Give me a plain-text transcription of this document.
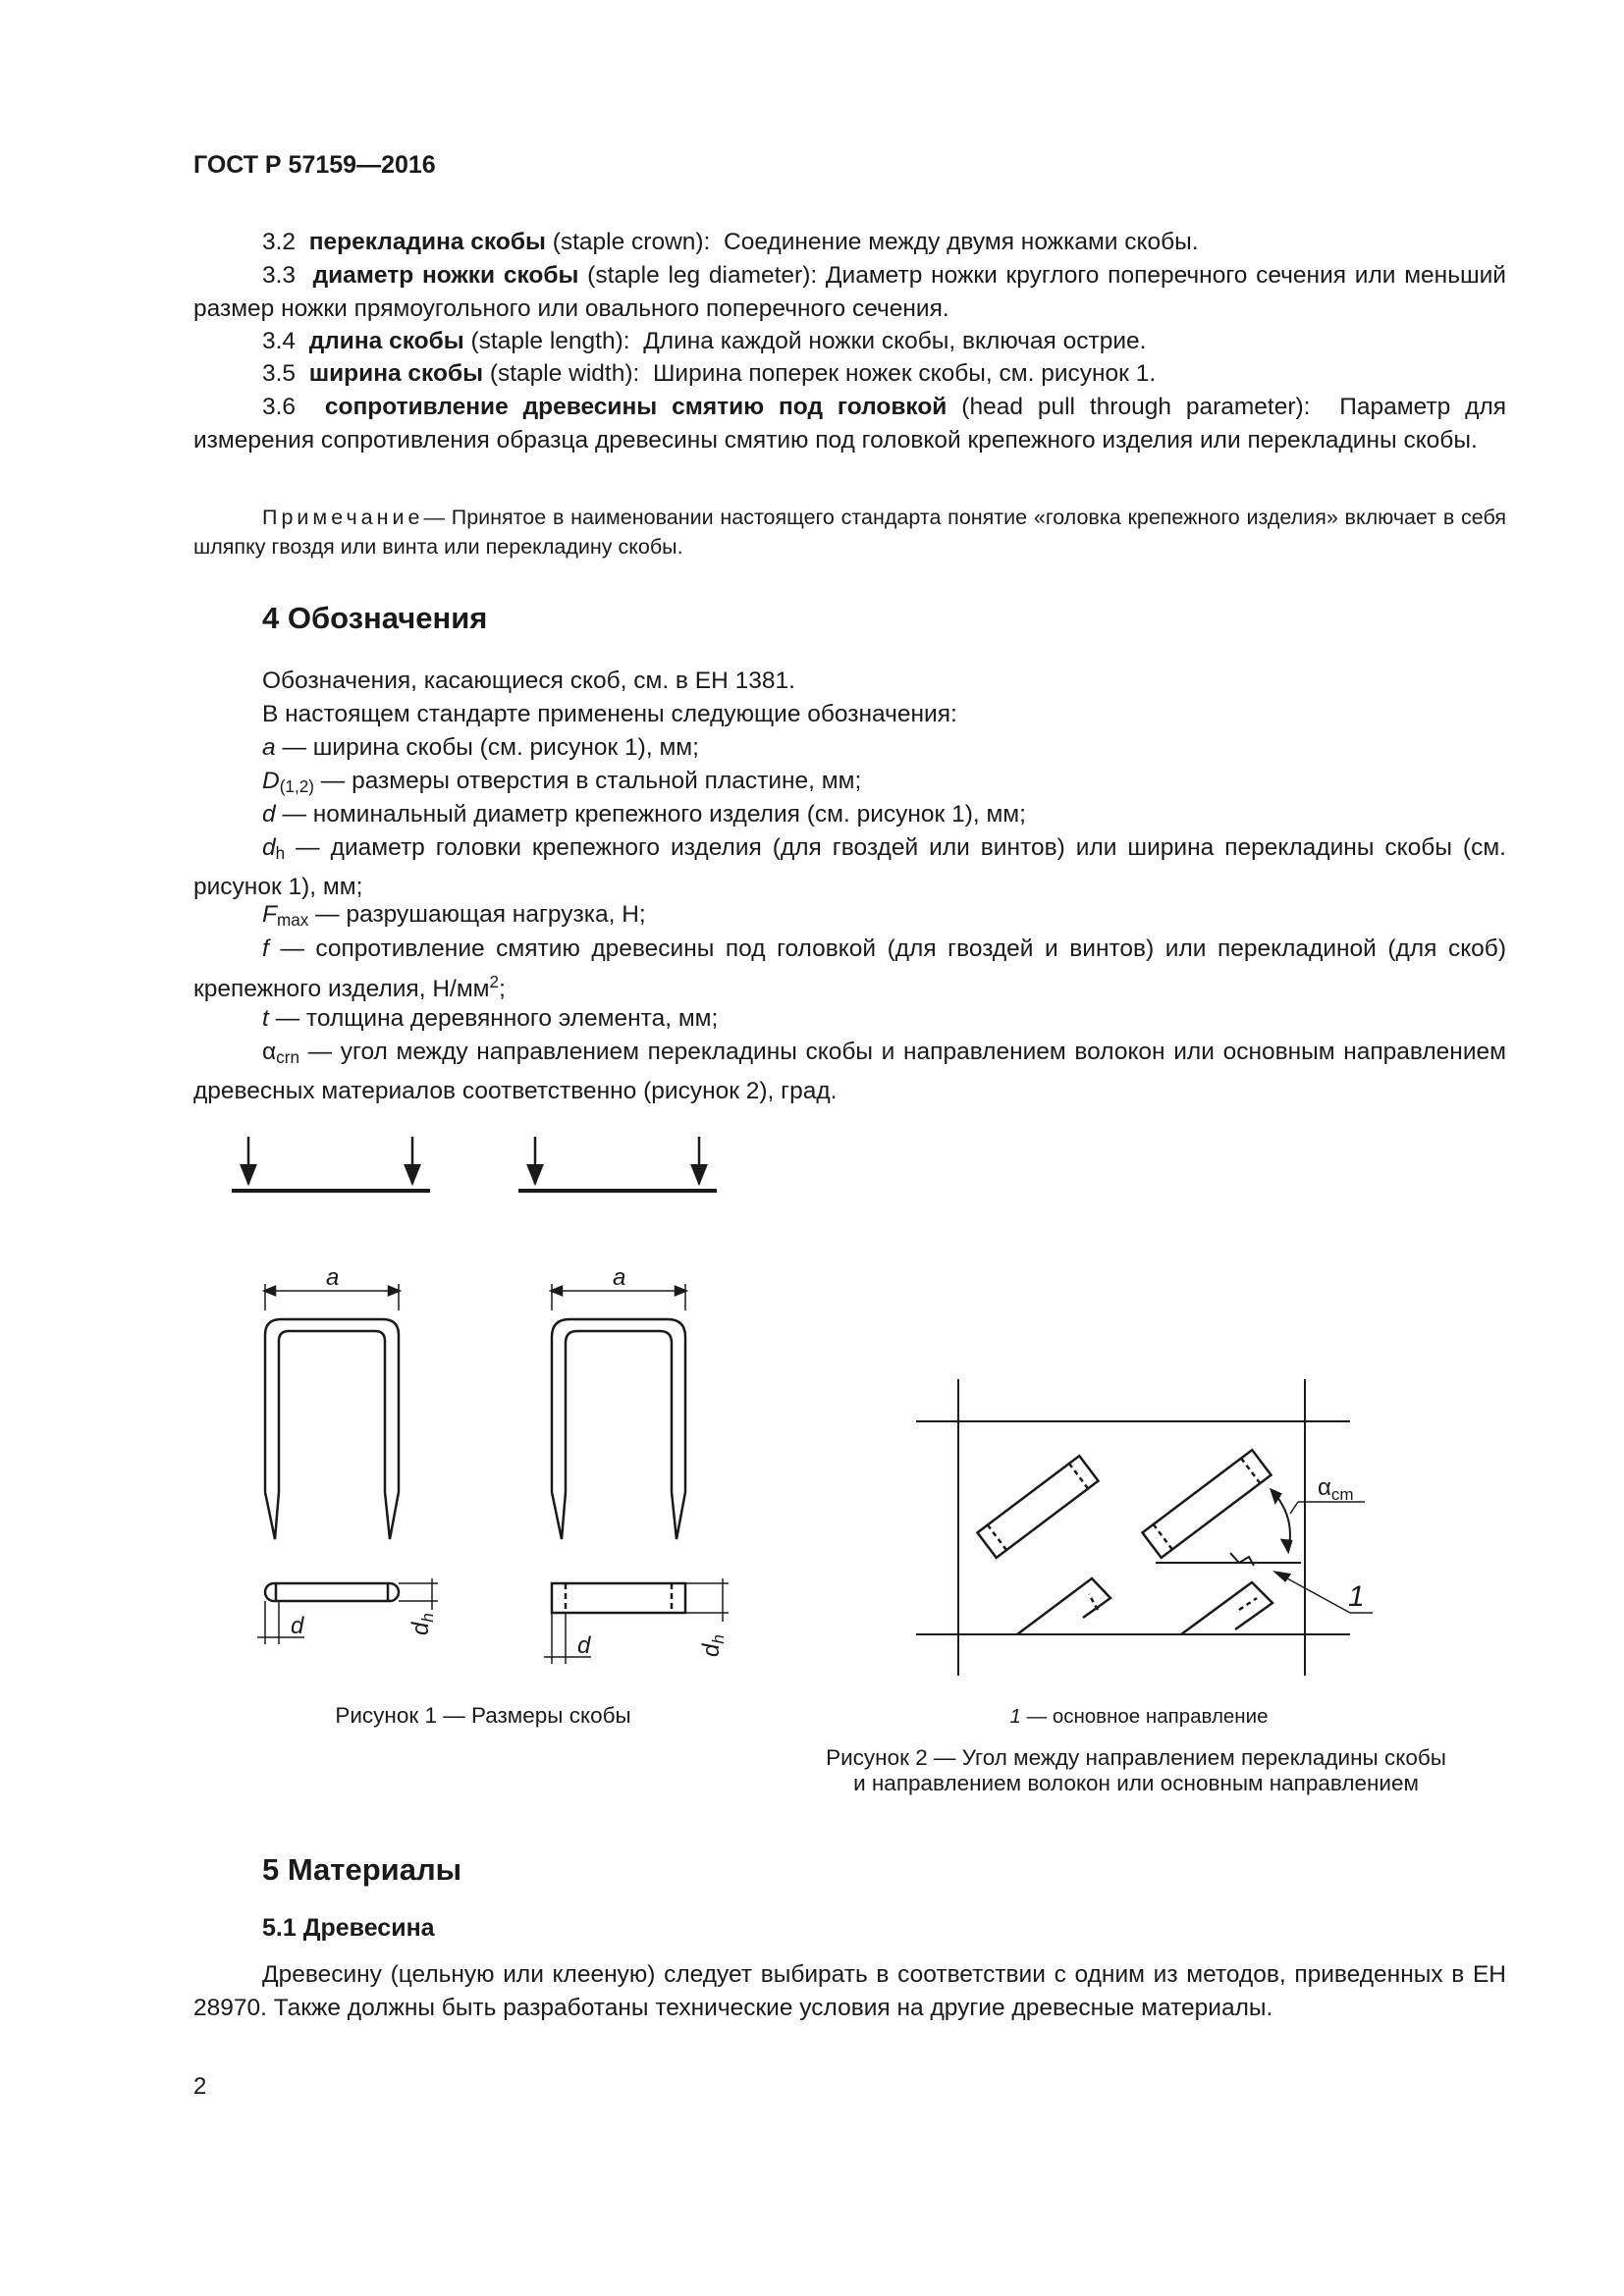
ГОСТ Р 57159—2016
3.2 перекладина скобы (staple crown): Соединение между двумя ножками скобы.
3.3 диаметр ножки скобы (staple leg diameter): Диаметр ножки круглого поперечного сечения или меньший размер ножки прямоугольного или овального поперечного сечения.
3.4 длина скобы (staple length): Длина каждой ножки скобы, включая острие.
3.5 ширина скобы (staple width): Ширина поперек ножек скобы, см. рисунок 1.
3.6 сопротивление древесины смятию под головкой (head pull through parameter): Параметр для измерения сопротивления образца древесины смятию под головкой крепежного изделия или перекладины скобы.
Примечание— Принятое в наименовании настоящего стандарта понятие «головка крепежного изделия» включает в себя шляпку гвоздя или винта или перекладину скобы.
4 Обозначения
Обозначения, касающиеся скоб, см. в ЕН 1381.
В настоящем стандарте применены следующие обозначения:
a — ширина скобы (см. рисунок 1), мм;
$D_{(1,2)}$ — размеры отверстия в стальной пластине, мм;
d — номинальный диаметр крепежного изделия (см. рисунок 1), мм;
$d_h$ — диаметр головки крепежного изделия (для гвоздей или винтов) или ширина перекладины скобы (см. рисунок 1), мм;
$F_{max}$ — разрушающая нагрузка, Н;
f — сопротивление смятию древесины под головкой (для гвоздей и винтов) или перекладиной (для скоб) крепежного изделия, $Н/мм^2$;
t — толщина деревянного элемента, мм;
$\alpha_{crn}$ — угол между направлением перекладины скобы и направлением волокон или основным направлением древесных материалов соответственно (рисунок 2), град.
a	a
d
d
$d_h$
$d_h$
$\alpha_{cm}$
1
Рисунок 1 — Размеры скобы	1 — основное направление
Рисунок 2 — Угол между направлением перекладины скобы
и направлением волокон или основным направлением
5 Материалы
5.1 Древесина
Древесину (цельную или клееную) следует выбирать в соответствии с одним из методов, приведенных в ЕН 28970. Также должны быть разработаны технические условия на другие древесные материалы.
2
